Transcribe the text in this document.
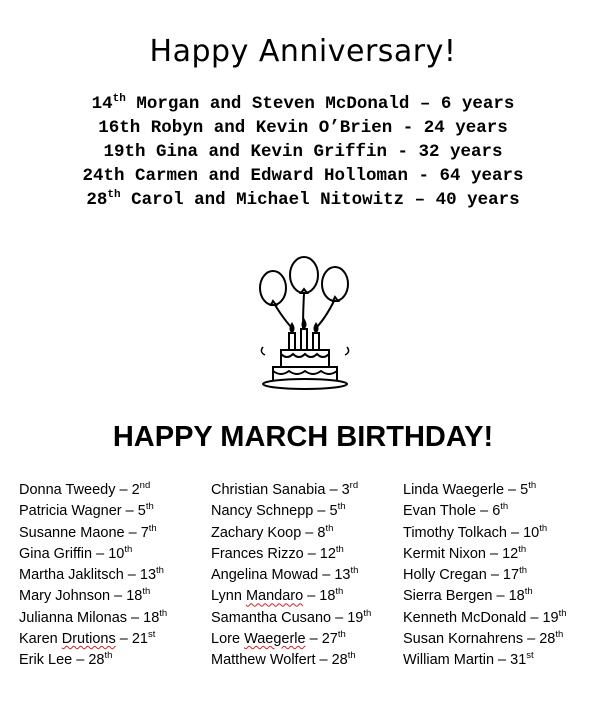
Happy Anniversary!
14th Morgan and Steven McDonald – 6 years
16th Robyn and Kevin O’Brien - 24 years
19th Gina and Kevin Griffin - 32 years
24th Carmen and Edward Holloman - 64 years
28th Carol and Michael Nitowitz – 40 years
HAPPY MARCH BIRTHDAY!
Donna Tweedy – 2nd
Patricia Wagner – 5th
Susanne Maone – 7th
Gina Griffin – 10th
Martha Jaklitsch – 13th
Mary Johnson – 18th
Julianna Milonas – 18th
Karen Drutions – 21st
Erik Lee – 28th
Christian Sanabia – 3rd
Nancy Schnepp – 5th
Zachary Koop – 8th
Frances Rizzo – 12th
Angelina Mowad – 13th
Lynn Mandaro – 18th
Samantha Cusano – 19th
Lore Waegerle – 27th
Matthew Wolfert – 28th
Linda Waegerle – 5th
Evan Thole – 6th
Timothy Tolkach – 10th
Kermit Nixon – 12th
Holly Cregan – 17th
Sierra Bergen – 18th
Kenneth McDonald – 19th
Susan Kornahrens – 28th
William Martin – 31st
